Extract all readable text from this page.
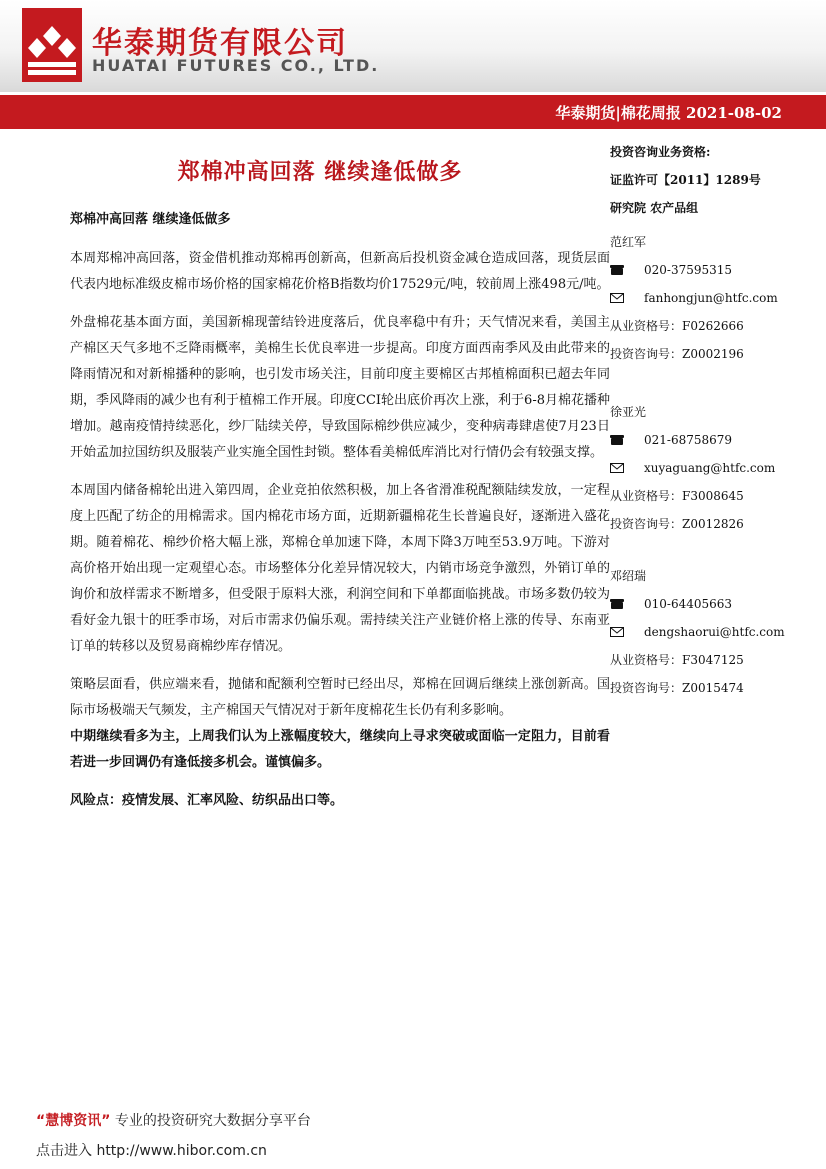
华泰期货有限公司
HUATAI FUTURES CO., LTD.
华泰期货|棉花周报 2021-08-02
郑棉冲高回落 继续逢低做多

郑棉冲高回落 继续逢低做多

本周郑棉冲高回落，资金借机推动郑棉再创新高，但新高后投机资金减仓造成回落，现货层面代表内地标准级皮棉市场价格的国家棉花价格B指数均价17529元/吨，较前周上涨498元/吨。

外盘棉花基本面方面，美国新棉现蕾结铃进度落后，优良率稳中有升；天气情况来看，美国主产棉区天气多地不乏降雨概率，美棉生长优良率进一步提高。印度方面西南季风及由此带来的降雨情况和对新棉播种的影响，也引发市场关注，目前印度主要棉区古邦植棉面积已超去年同期，季风降雨的减少也有利于植棉工作开展。印度CCI轮出底价再次上涨，利于6-8月棉花播种增加。越南疫情持续恶化，纱厂陆续关停，导致国际棉纱供应减少，变种病毒肆虐使7月23日开始孟加拉国纺织及服装产业实施全国性封锁。整体看美棉低库消比对行情仍会有较强支撑。

本周国内储备棉轮出进入第四周，企业竞拍依然积极，加上各省滑准税配额陆续发放，一定程度上匹配了纺企的用棉需求。国内棉花市场方面，近期新疆棉花生长普遍良好，逐渐进入盛花期。随着棉花、棉纱价格大幅上涨，郑棉仓单加速下降，本周下降3万吨至53.9万吨。下游对高价格开始出现一定观望心态。市场整体分化差异情况较大，内销市场竞争激烈，外销订单的询价和放样需求不断增多，但受限于原料大涨，利润空间和下单都面临挑战。市场多数仍较为看好金九银十的旺季市场，对后市需求仍偏乐观。需持续关注产业链价格上涨的传导、东南亚订单的转移以及贸易商棉纱库存情况。

策略层面看，供应端来看，抛储和配额利空暂时已经出尽，郑棉在回调后继续上涨创新高。国际市场极端天气频发，主产棉国天气情况对于新年度棉花生长仍有利多影响。

中期继续看多为主，上周我们认为上涨幅度较大，继续向上寻求突破或面临一定阻力，目前看若进一步回调仍有逢低接多机会。谨慎偏多。

风险点：疫情发展、汇率风险、纺织品出口等。

投资咨询业务资格:

证监许可【2011】1289号

研究院 农产品组

范红军
020-37595315
fanhongjun@htfc.com
从业资格号：F0262666
投资咨询号：Z0002196
徐亚光
021-68758679
xuyaguang@htfc.com
从业资格号：F3008645
投资咨询号：Z0012826
邓绍瑞
010-64405663
dengshaorui@htfc.com
从业资格号：F3047125
投资咨询号：Z0015474
“慧博资讯” 专业的投资研究大数据分享平台
点击进入 http://www.hibor.com.cn
